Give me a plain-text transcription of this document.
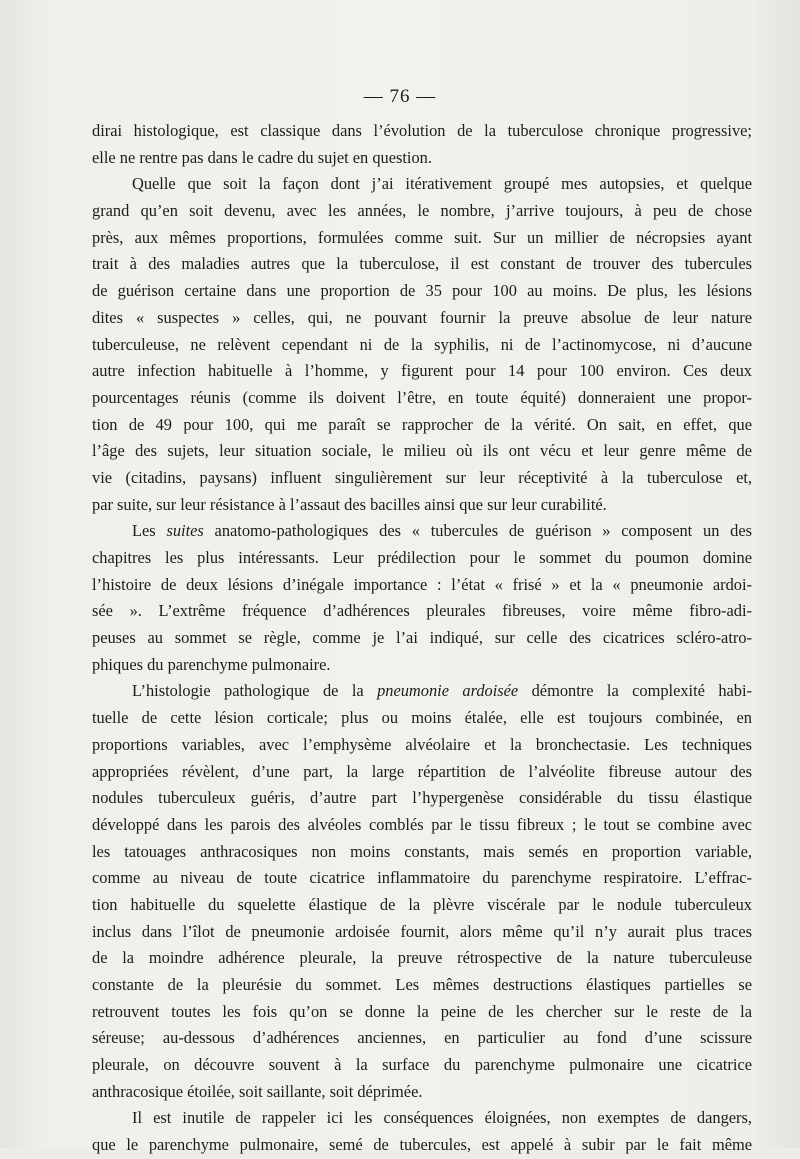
— 76 —
dirai histologique, est classique dans l’évolution de la tuberculose chronique progressive;
elle ne rentre pas dans le cadre du sujet en question.
Quelle que soit la façon dont j’ai itérativement groupé mes autopsies, et quelque
grand qu’en soit devenu, avec les années, le nombre, j’arrive toujours, à peu de chose
près, aux mêmes proportions, formulées comme suit. Sur un millier de nécropsies ayant
trait à des maladies autres que la tuberculose, il est constant de trouver des tubercules
de guérison certaine dans une proportion de 35 pour 100 au moins. De plus, les lésions
dites « suspectes » celles, qui, ne pouvant fournir la preuve absolue de leur nature
tuberculeuse, ne relèvent cependant ni de la syphilis, ni de l’actinomycose, ni d’aucune
autre infection habituelle à l’homme, y figurent pour 14 pour 100 environ. Ces deux
pourcentages réunis (comme ils doivent l’être, en toute équité) donneraient une propor-
tion de 49 pour 100, qui me paraît se rapprocher de la vérité. On sait, en effet, que
l’âge des sujets, leur situation sociale, le milieu où ils ont vécu et leur genre même de
vie (citadins, paysans) influent singulièrement sur leur réceptivité à la tuberculose et,
par suite, sur leur résistance à l’assaut des bacilles ainsi que sur leur curabilité.
Les suites anatomo-pathologiques des « tubercules de guérison » composent un des
chapitres les plus intéressants. Leur prédilection pour le sommet du poumon domine
l’histoire de deux lésions d’inégale importance : l’état « frisé » et la « pneumonie ardoi-
sée ». L’extrême fréquence d’adhérences pleurales fibreuses, voire même fibro-adi-
peuses au sommet se règle, comme je l’ai indiqué, sur celle des cicatrices scléro-atro-
phiques du parenchyme pulmonaire.
L’histologie pathologique de la pneumonie ardoisée démontre la complexité habi-
tuelle de cette lésion corticale; plus ou moins étalée, elle est toujours combinée, en
proportions variables, avec l’emphysème alvéolaire et la bronchectasie. Les techniques
appropriées révèlent, d’une part, la large répartition de l’alvéolite fibreuse autour des
nodules tuberculeux guéris, d’autre part l’hypergenèse considérable du tissu élastique
développé dans les parois des alvéoles comblés par le tissu fibreux ; le tout se combine avec
les tatouages anthracosiques non moins constants, mais semés en proportion variable,
comme au niveau de toute cicatrice inflammatoire du parenchyme respiratoire. L’effrac-
tion habituelle du squelette élastique de la plèvre viscérale par le nodule tuberculeux
inclus dans l’îlot de pneumonie ardoisée fournit, alors même qu’il n’y aurait plus traces
de la moindre adhérence pleurale, la preuve rétrospective de la nature tuberculeuse
constante de la pleurésie du sommet. Les mêmes destructions élastiques partielles se
retrouvent toutes les fois qu’on se donne la peine de les chercher sur le reste de la
séreuse; au-dessous d’adhérences anciennes, en particulier au fond d’une scissure
pleurale, on découvre souvent à la surface du parenchyme pulmonaire une cicatrice
anthracosique étoilée, soit saillante, soit déprimée.
Il est inutile de rappeler ici les conséquences éloignées, non exemptes de dangers,
que le parenchyme pulmonaire, semé de tubercules, est appelé à subir par le fait même
